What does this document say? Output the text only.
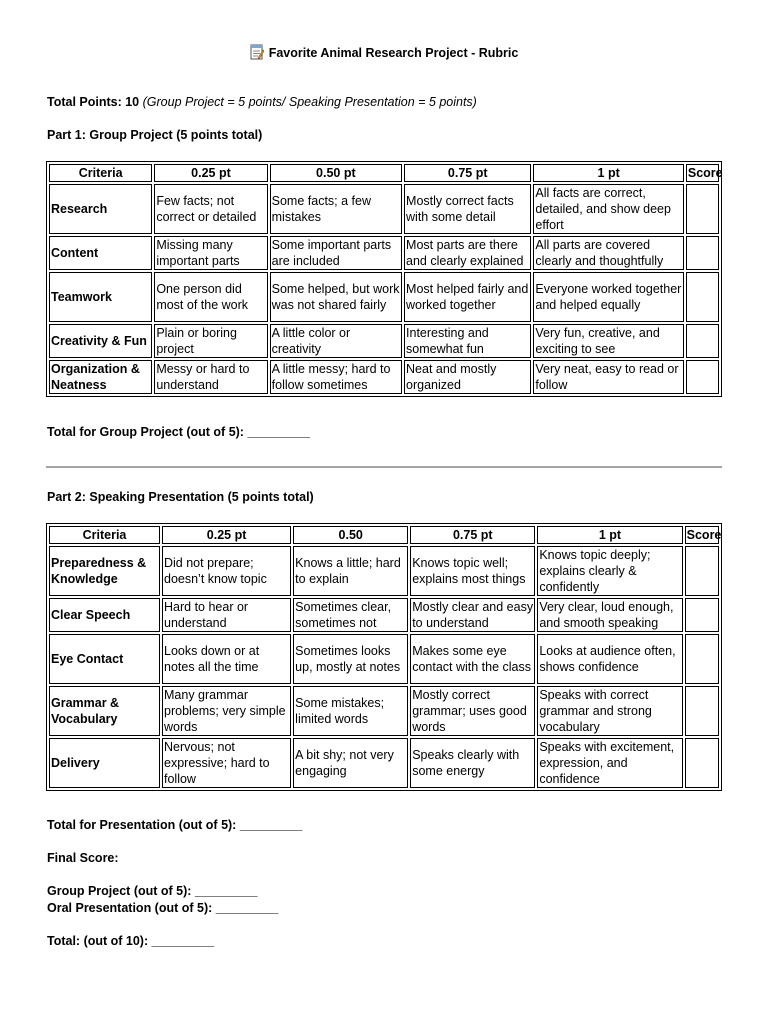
Favorite Animal Research Project - Rubric
Total Points: 10 (Group Project = 5 points/ Speaking Presentation = 5 points)
Part 1: Group Project (5 points total)
Criteria	0.25 pt	0.50 pt	0.75 pt	1 pt	Score
Research	Few facts; not correct or detailed	Some facts; a few mistakes	Mostly correct facts with some detail	All facts are correct, detailed, and show deep effort	
Content	Missing many important parts	Some important parts are included	Most parts are there and clearly explained	All parts are covered clearly and thoughtfully	
Teamwork	One person did most of the work	Some helped, but work was not shared fairly	Most helped fairly and worked together	Everyone worked together and helped equally	
Creativity & Fun	Plain or boring project	A little color or creativity	Interesting and somewhat fun	Very fun, creative, and exciting to see	
Organization & Neatness	Messy or hard to understand	A little messy; hard to follow sometimes	Neat and mostly organized	Very neat, easy to read or follow	
Total for Group Project (out of 5): _________
Part 2: Speaking Presentation (5 points total)
Criteria	0.25 pt	0.50	0.75 pt	1 pt	Score
Preparedness & Knowledge	Did not prepare; doesn’t know topic	Knows a little; hard to explain	Knows topic well; explains most things	Knows topic deeply; explains clearly & confidently	
Clear Speech	Hard to hear or understand	Sometimes clear, sometimes not	Mostly clear and easy to understand	Very clear, loud enough, and smooth speaking	
Eye Contact	Looks down or at notes all the time	Sometimes looks up, mostly at notes	Makes some eye contact with the class	Looks at audience often, shows confidence	
Grammar & Vocabulary	Many grammar problems; very simple words	Some mistakes; limited words	Mostly correct grammar; uses good words	Speaks with correct grammar and strong vocabulary	
Delivery	Nervous; not expressive; hard to follow	A bit shy; not very engaging	Speaks clearly with some energy	Speaks with excitement, expression, and confidence	
Total for Presentation (out of 5): _________
Final Score:
Group Project (out of 5): _________
Oral Presentation (out of 5): _________
Total: (out of 10): _________
